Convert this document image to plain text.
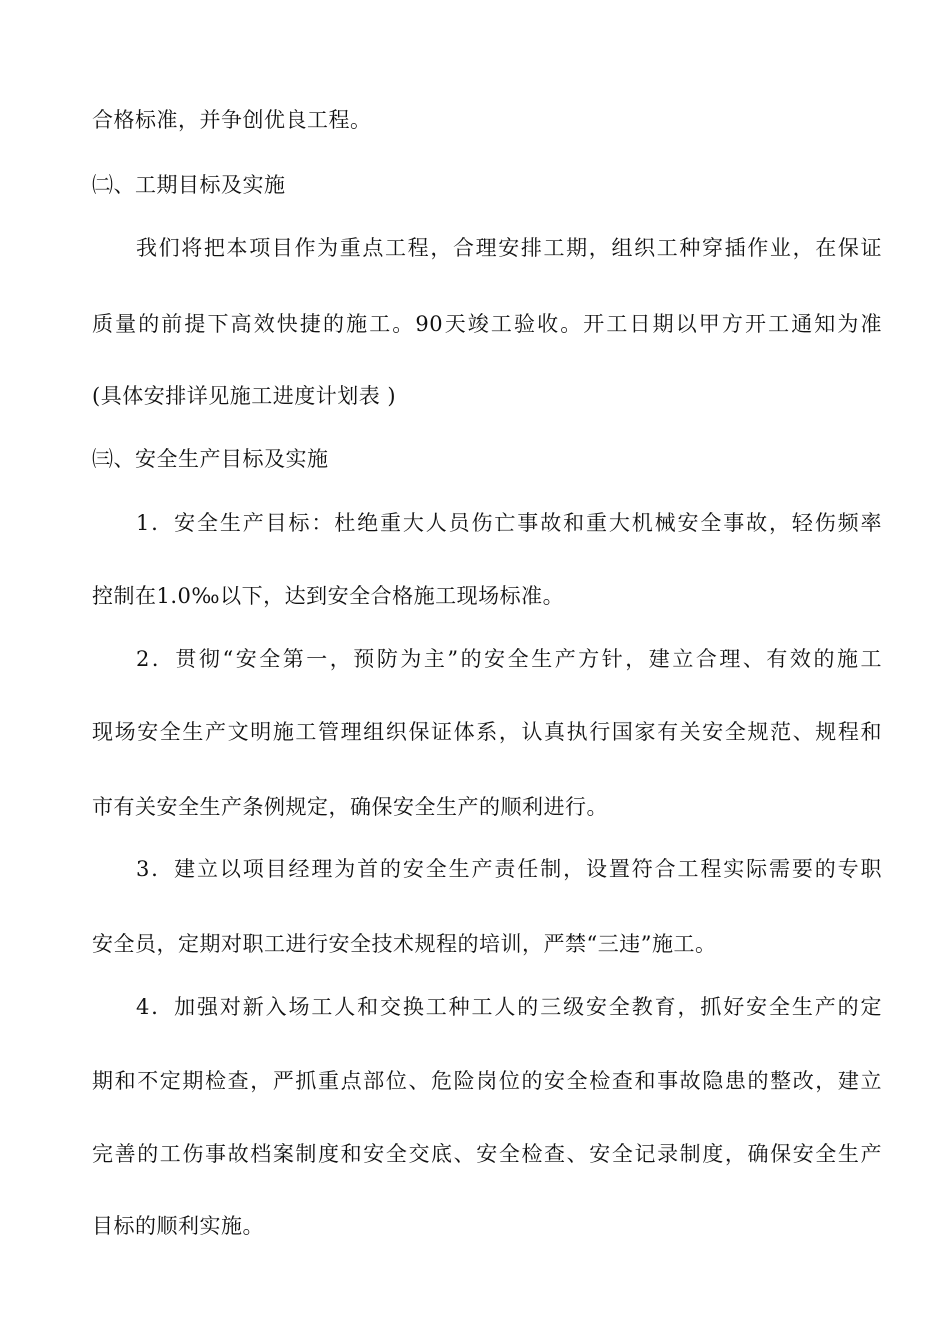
合格标准，并争创优良工程。
㈡、工期目标及实施
我们将把本项目作为重点工程，合理安排工期，组织工种穿插作业，在保证
质量的前提下高效快捷的施工。90天竣工验收。开工日期以甲方开工通知为准
(具体安排详见施工进度计划表 )
㈢、安全生产目标及实施
1．安全生产目标：杜绝重大人员伤亡事故和重大机械安全事故，轻伤频率
控制在1.0‰以下，达到安全合格施工现场标准。
2．贯彻“安全第一，预防为主”的安全生产方针，建立合理、有效的施工
现场安全生产文明施工管理组织保证体系，认真执行国家有关安全规范、规程和
市有关安全生产条例规定，确保安全生产的顺利进行。
3．建立以项目经理为首的安全生产责任制，设置符合工程实际需要的专职
安全员，定期对职工进行安全技术规程的培训，严禁“三违”施工。
4．加强对新入场工人和交换工种工人的三级安全教育，抓好安全生产的定
期和不定期检查，严抓重点部位、危险岗位的安全检查和事故隐患的整改，建立
完善的工伤事故档案制度和安全交底、安全检查、安全记录制度，确保安全生产
目标的顺利实施。
